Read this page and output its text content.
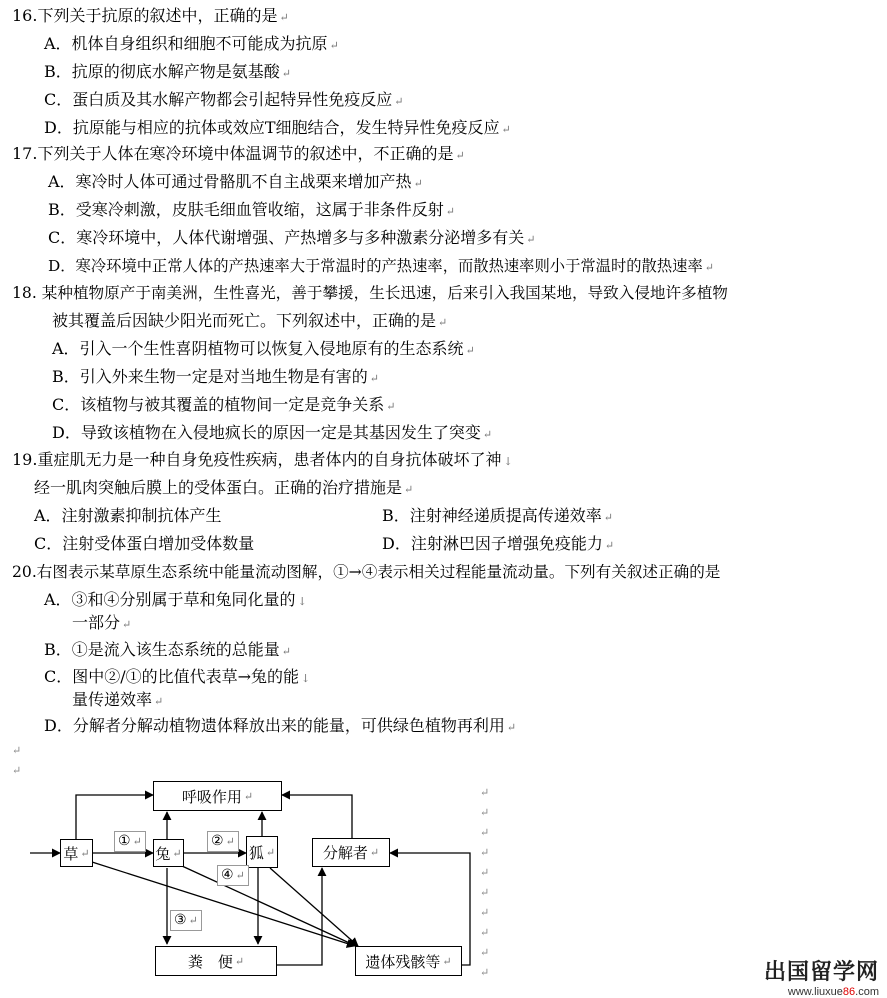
16.下列关于抗原的叙述中，正确的是 ↵
A．机体自身组织和细胞不可能成为抗原 ↵
B．抗原的彻底水解产物是氨基酸 ↵
C．蛋白质及其水解产物都会引起特异性免疫反应 ↵
D．抗原能与相应的抗体或效应T细胞结合，发生特异性免疫反应 ↵
17.下列关于人体在寒冷环境中体温调节的叙述中，不正确的是 ↵
A．寒冷时人体可通过骨骼肌不自主战栗来增加产热 ↵
B．受寒冷刺激，皮肤毛细血管收缩，这属于非条件反射 ↵
C．寒冷环境中，人体代谢增强、产热增多与多种激素分泌增多有关 ↵
D．寒冷环境中正常人体的产热速率大于常温时的产热速率，而散热速率则小于常温时的散热速率 ↵
18. 某种植物原产于南美洲，生性喜光，善于攀援，生长迅速，后来引入我国某地，导致入侵地许多植物
被其覆盖后因缺少阳光而死亡。下列叙述中，正确的是 ↵
A．引入一个生性喜阴植物可以恢复入侵地原有的生态系统 ↵
B．引入外来生物一定是对当地生物是有害的 ↵
C．该植物与被其覆盖的植物间一定是竞争关系 ↵
D．导致该植物在入侵地疯长的原因一定是其基因发生了突变 ↵
19.重症肌无力是一种自身免疫性疾病，患者体内的自身抗体破坏了神 ↓
经一肌肉突触后膜上的受体蛋白。正确的治疗措施是 ↵
A．注射激素抑制抗体产生	B．注射神经递质提高传递效率 ↵
C．注射受体蛋白增加受体数量	D．注射淋巴因子增强免疫能力 ↵
20.右图表示某草原生态系统中能量流动图解，①→④表示相关过程能量流动量。下列有关叙述正确的是
A．③和④分别属于草和兔同化量的 ↓
一部分 ↵
B．①是流入该生态系统的总能量 ↵
C．图中②/①的比值代表草→兔的能 ↓
量传递效率 ↵
D．分解者分解动植物遗体释放出来的能量，可供绿色植物再利用 ↵
↵
↵
↵
↵
↵
↵
↵
↵
↵
↵
↵
↵
呼吸作用 ↵
草 ↵	兔 ↵	狐 ↵	分解者 ↵
粪　便 ↵	遗体残骸等 ↵
① ↵	② ↵
④ ↵
③ ↵
出国留学网
www.liuxue86.com
